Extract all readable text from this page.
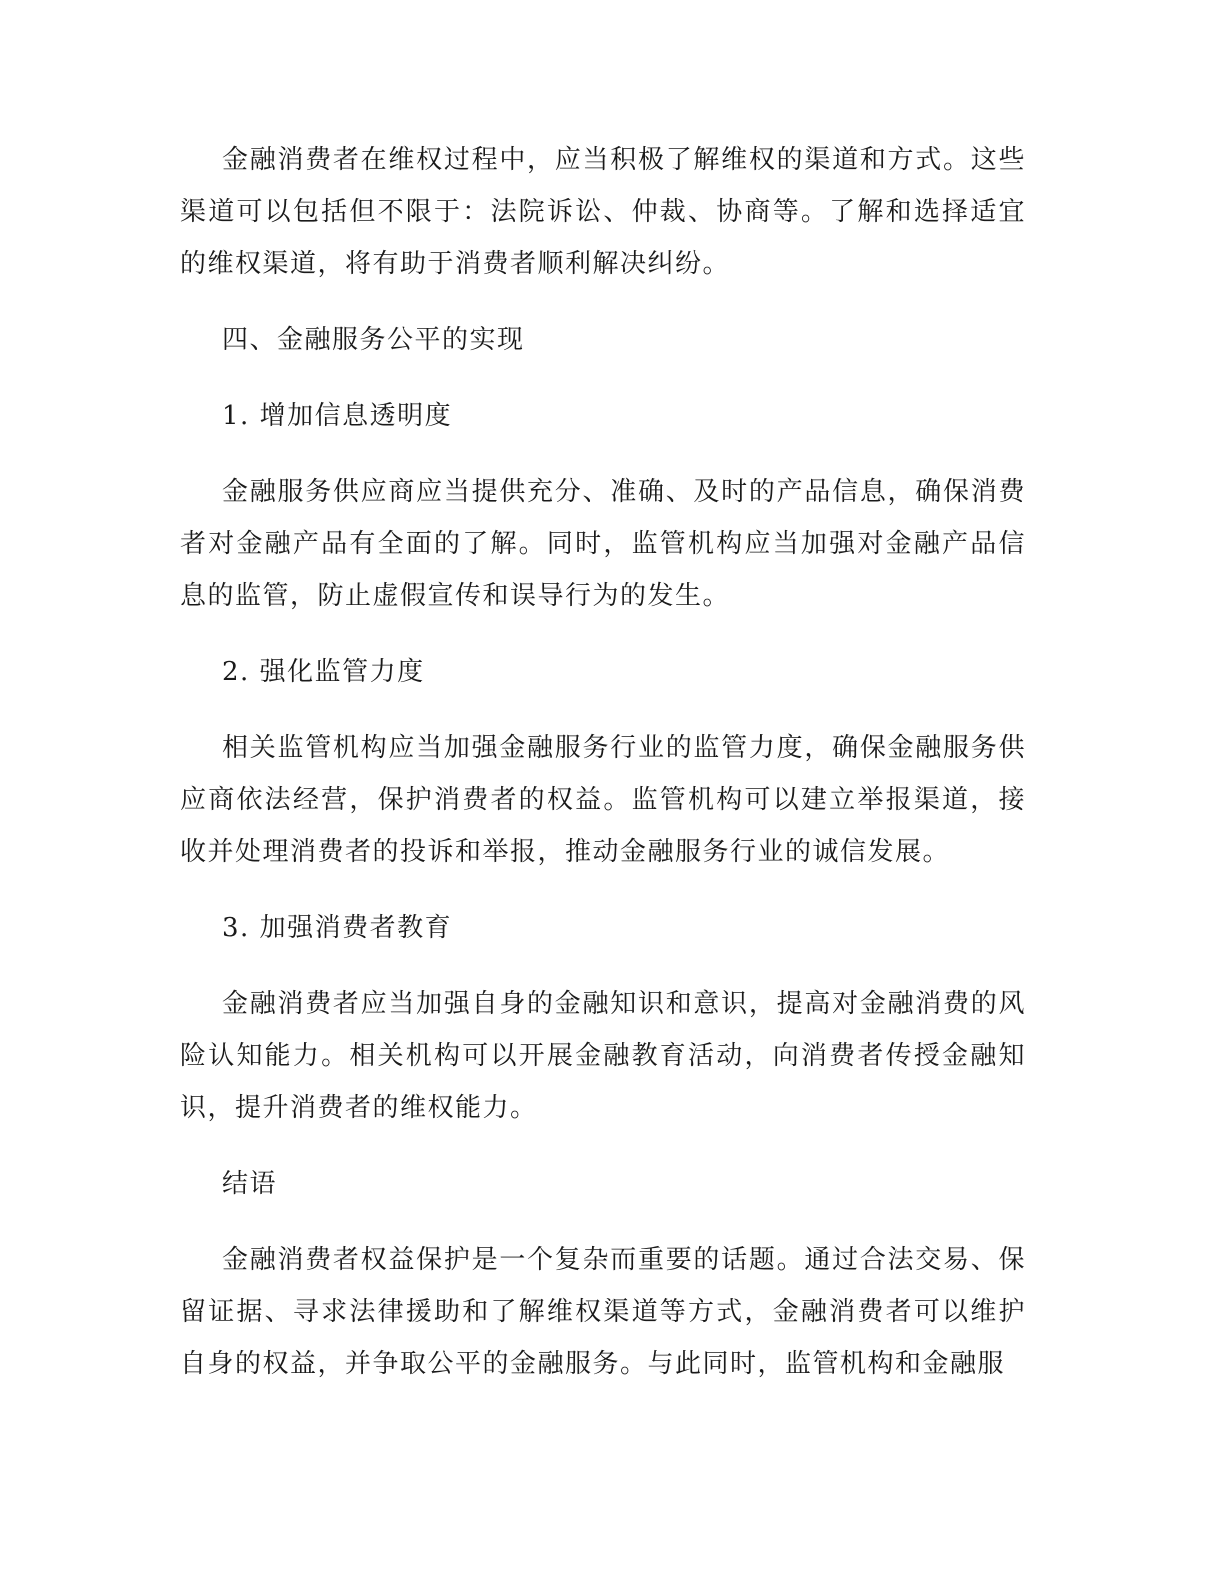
金融消费者在维权过程中，应当积极了解维权的渠道和方式。这些渠道可以包括但不限于：法院诉讼、仲裁、协商等。了解和选择适宜的维权渠道，将有助于消费者顺利解决纠纷。

四、金融服务公平的实现

1. 增加信息透明度

金融服务供应商应当提供充分、准确、及时的产品信息，确保消费者对金融产品有全面的了解。同时，监管机构应当加强对金融产品信息的监管，防止虚假宣传和误导行为的发生。

2. 强化监管力度

相关监管机构应当加强金融服务行业的监管力度，确保金融服务供应商依法经营，保护消费者的权益。监管机构可以建立举报渠道，接收并处理消费者的投诉和举报，推动金融服务行业的诚信发展。

3. 加强消费者教育

金融消费者应当加强自身的金融知识和意识，提高对金融消费的风险认知能力。相关机构可以开展金融教育活动，向消费者传授金融知识，提升消费者的维权能力。

结语

金融消费者权益保护是一个复杂而重要的话题。通过合法交易、保留证据、寻求法律援助和了解维权渠道等方式，金融消费者可以维护自身的权益，并争取公平的金融服务。与此同时，监管机构和金融服
